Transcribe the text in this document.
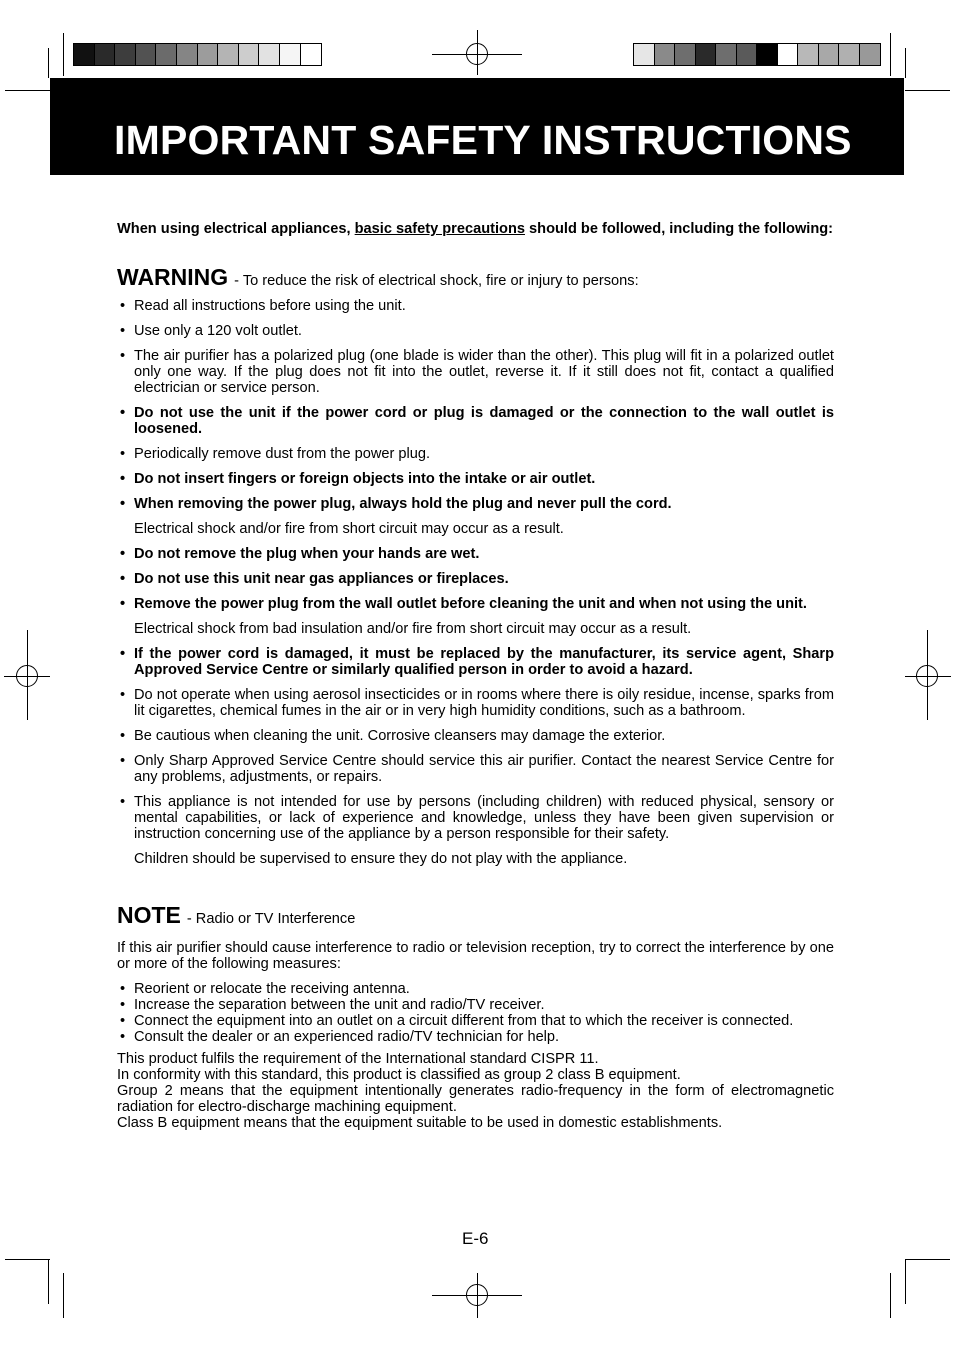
IMPORTANT SAFETY INSTRUCTIONS

When using electrical appliances, basic safety precautions should be followed, including the following:

WARNING - To reduce the risk of electrical shock, fire or injury to persons:
• Read all instructions before using the unit.
• Use only a 120 volt outlet.
• The air purifier has a polarized plug (one blade is wider than the other). This plug will fit in a polarized outlet only one way. If the plug does not fit into the outlet, reverse it. If it still does not fit, contact a qualified electrician or service person.
• Do not use the unit if the power cord or plug is damaged or the connection to the wall outlet is loosened.
• Periodically remove dust from the power plug.
• Do not insert fingers or foreign objects into the intake or air outlet.
• When removing the power plug, always hold the plug and never pull the cord.

Electrical shock and/or fire from short circuit may occur as a result.

• Do not remove the plug when your hands are wet.
• Do not use this unit near gas appliances or fireplaces.
• Remove the power plug from the wall outlet before cleaning the unit and when not using the unit.

Electrical shock from bad insulation and/or fire from short circuit may occur as a result.

• If the power cord is damaged, it must be replaced by the manufacturer, its service agent, Sharp Approved Service Centre or similarly qualified person in order to avoid a hazard.
• Do not operate when using aerosol insecticides or in rooms where there is oily residue, incense, sparks from lit cigarettes, chemical fumes in the air or in very high humidity conditions, such as a bathroom.
• Be cautious when cleaning the unit. Corrosive cleansers may damage the exterior.
• Only Sharp Approved Service Centre should service this air purifier. Contact the nearest Service Centre for any problems, adjustments, or repairs.
• This appliance is not intended for use by persons (including children) with reduced physical, sensory or mental capabilities, or lack of experience and knowledge, unless they have been given supervision or instruction concerning use of the appliance by a person responsible for their safety.

Children should be supervised to ensure they do not play with the appliance.

NOTE - Radio or TV Interference

If this air purifier should cause interference to radio or television reception, try to correct the interference by one or more of the following measures:

• Reorient or relocate the receiving antenna.
• Increase the separation between the unit and radio/TV receiver.
• Connect the equipment into an outlet on a circuit different from that to which the receiver is connected.
• Consult the dealer or an experienced radio/TV technician for help.

This product fulfils the requirement of the International standard CISPR 11.

In conformity with this standard, this product is classified as group 2 class B equipment.

Group 2 means that the equipment intentionally generates radio-frequency in the form of electromagnetic radiation for electro-discharge machining equipment.

Class B equipment means that the equipment suitable to be used in domestic establishments.

E-6
